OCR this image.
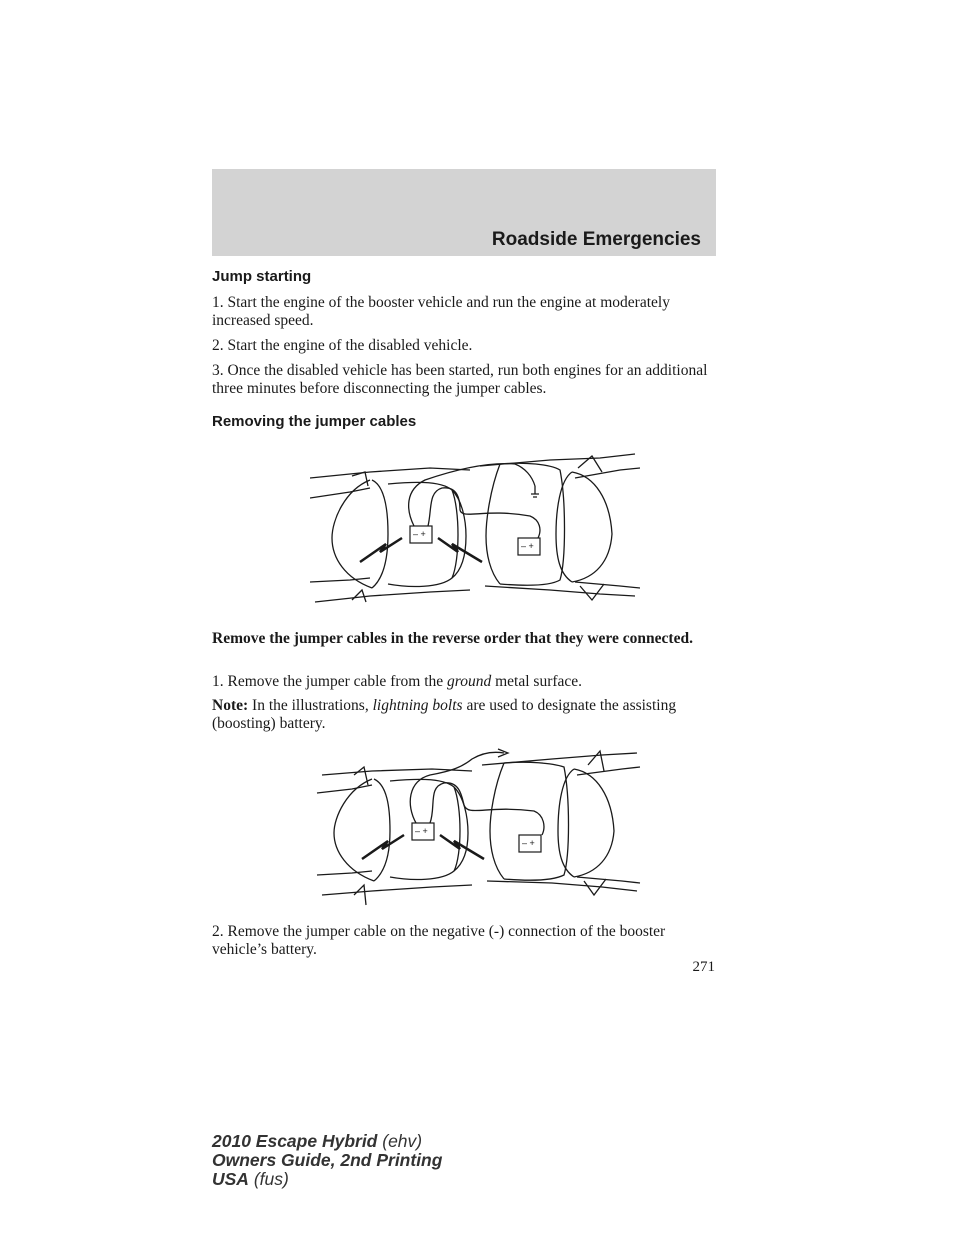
Roadside Emergencies
Jump starting
1. Start the engine of the booster vehicle and run the engine at moderately increased speed.
2. Start the engine of the disabled vehicle.
3. Once the disabled vehicle has been started, run both engines for an additional three minutes before disconnecting the jumper cables.
Removing the jumper cables
– +
– +
Remove the jumper cables in the reverse order that they were connected.
1. Remove the jumper cable from the ground metal surface.
Note: In the illustrations, lightning bolts are used to designate the assisting (boosting) battery.
– +
– +
2. Remove the jumper cable on the negative (-) connection of the booster vehicle’s battery.
271
2010 Escape Hybrid (ehv)
Owners Guide, 2nd Printing
USA (fus)
